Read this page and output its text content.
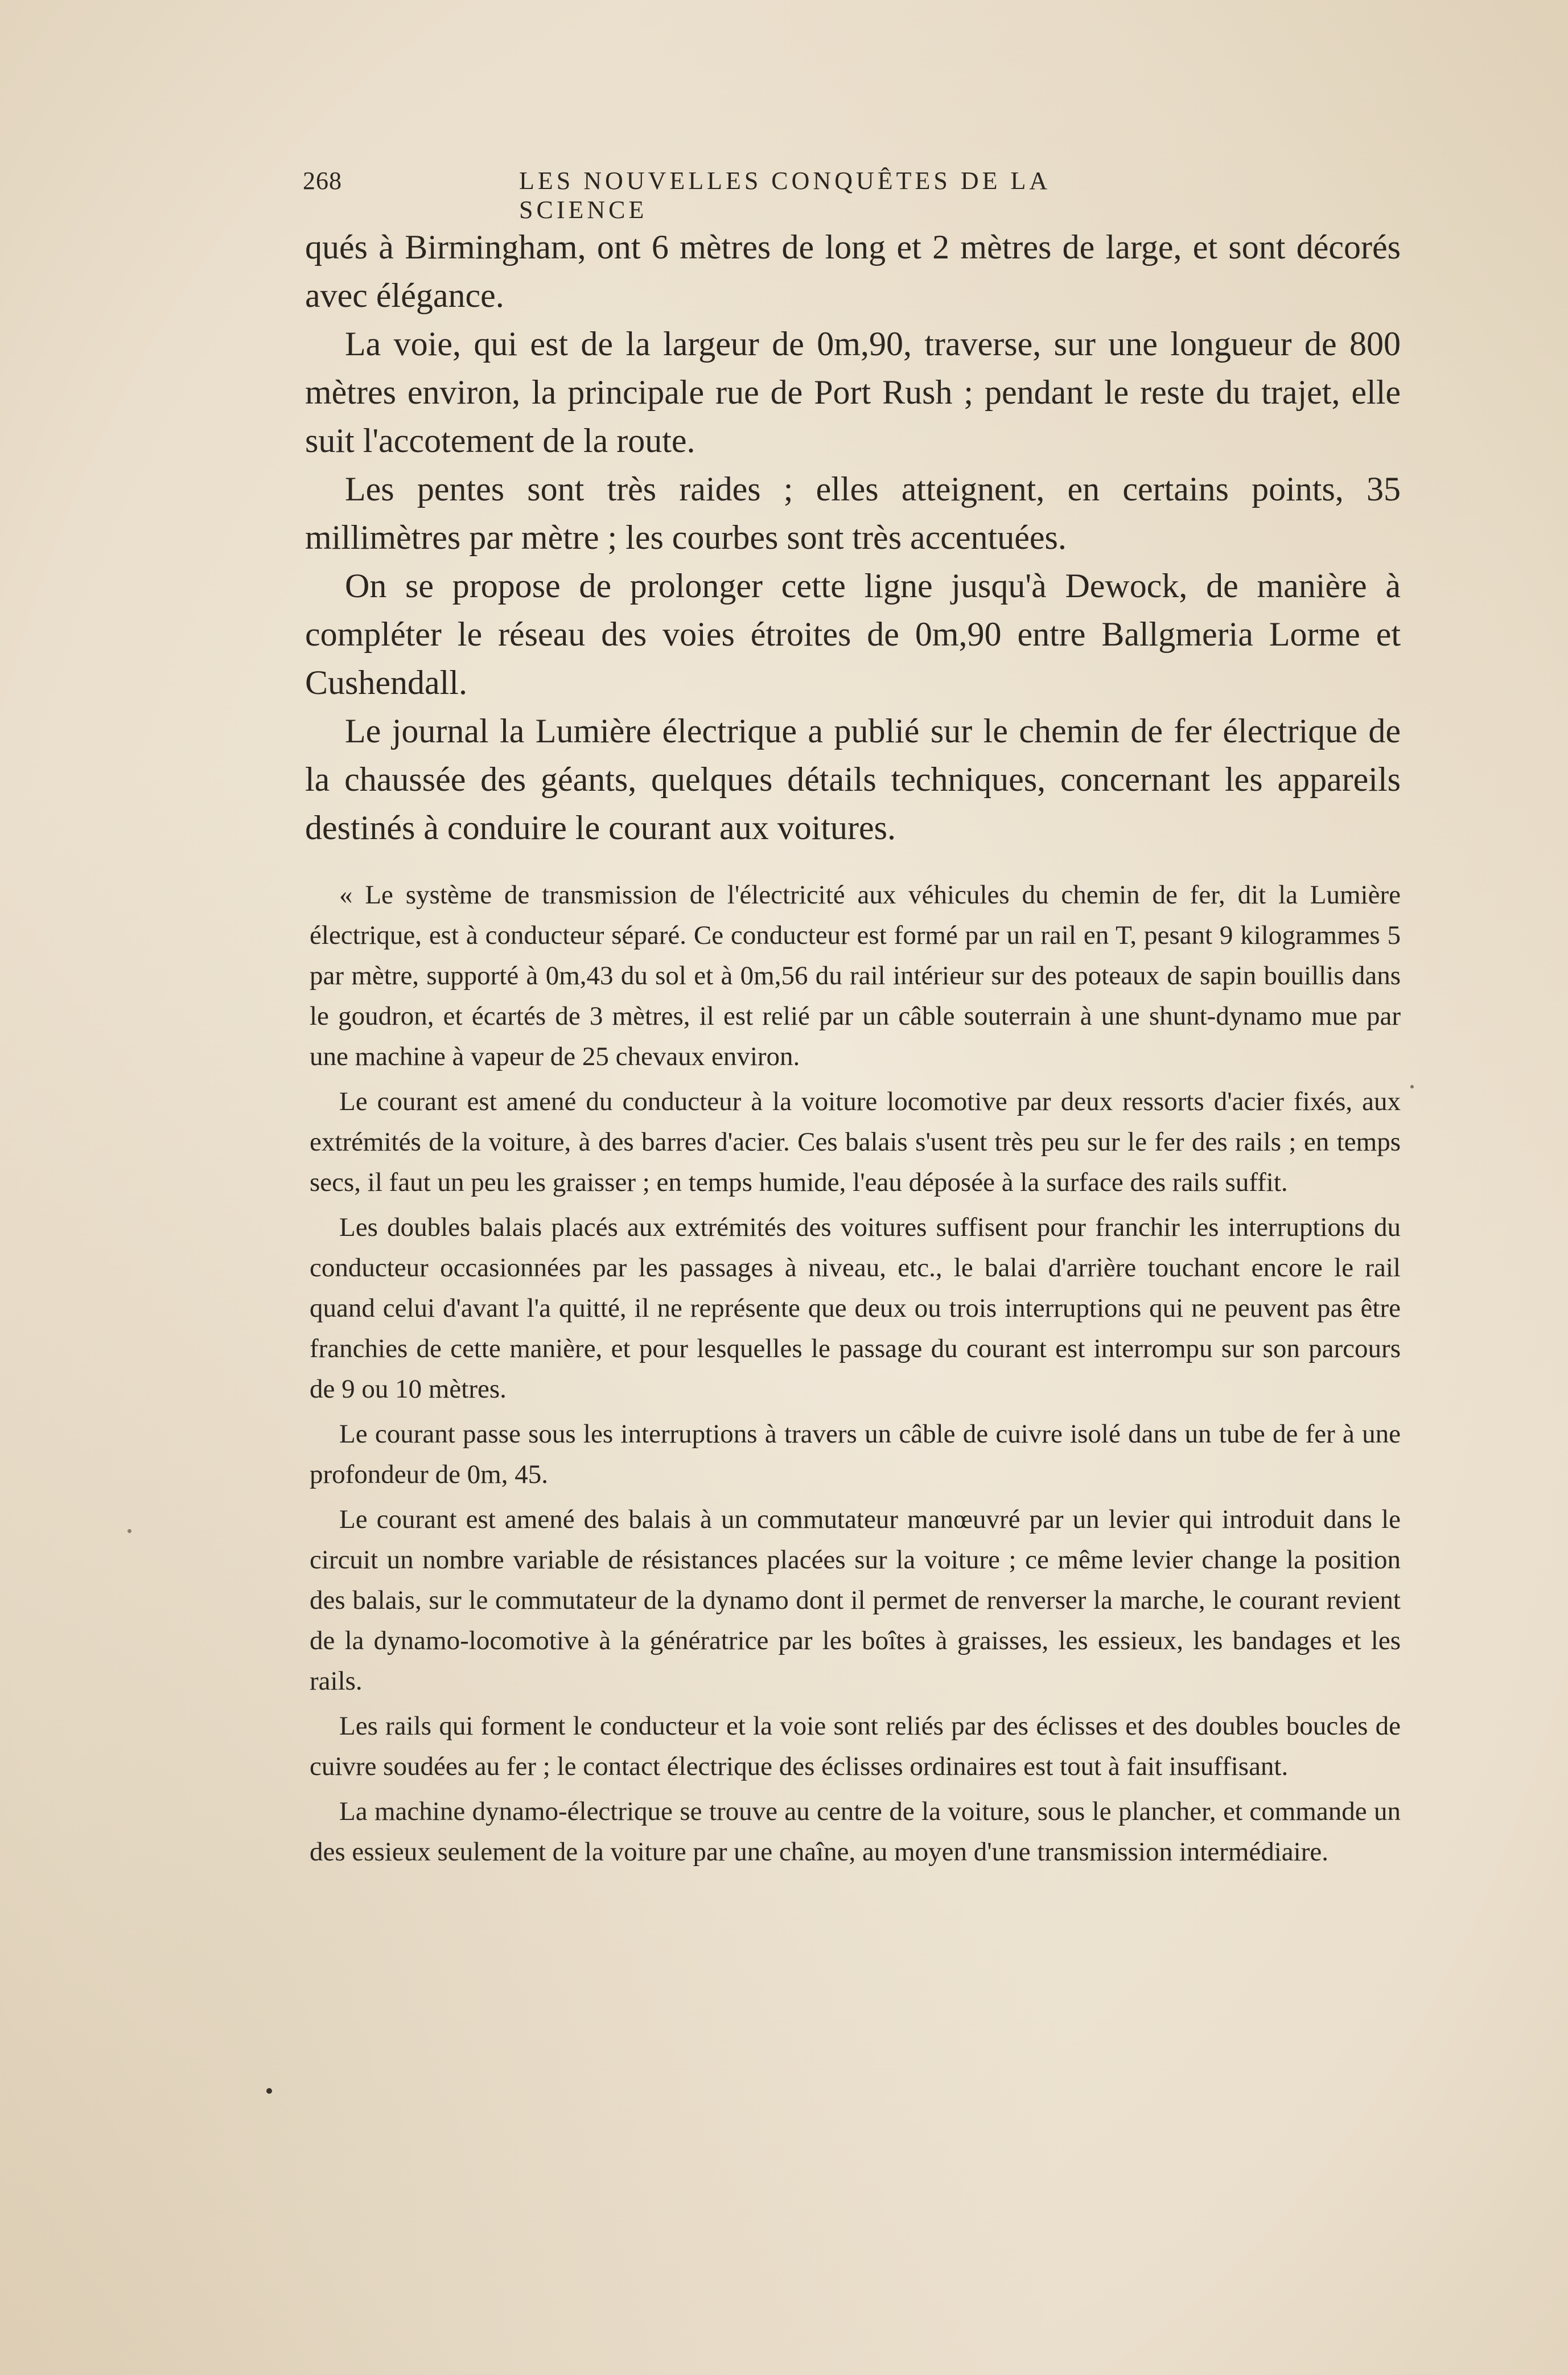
268	LES NOUVELLES CONQUÊTES DE LA SCIENCE

qués à Birmingham, ont 6 mètres de long et 2 mètres de large, et sont décorés avec élégance.

La voie, qui est de la largeur de 0m,90, traverse, sur une longueur de 800 mètres environ, la principale rue de Port Rush ; pendant le reste du trajet, elle suit l'accotement de la route.

Les pentes sont très raides ; elles atteignent, en certains points, 35 millimètres par mètre ; les courbes sont très accentuées.

On se propose de prolonger cette ligne jusqu'à Dewock, de manière à compléter le réseau des voies étroites de 0m,90 entre Ballgmeria Lorme et Cushendall.

Le journal la Lumière électrique a publié sur le chemin de fer électrique de la chaussée des géants, quelques détails techniques, concernant les appareils destinés à conduire le courant aux voitures.

« Le système de transmission de l'électricité aux véhicules du chemin de fer, dit la Lumière électrique, est à conducteur séparé. Ce conducteur est formé par un rail en T, pesant 9 kilogrammes 5 par mètre, supporté à 0m,43 du sol et à 0m,56 du rail intérieur sur des poteaux de sapin bouillis dans le goudron, et écartés de 3 mètres, il est relié par un câble souterrain à une shunt-dynamo mue par une machine à vapeur de 25 chevaux environ.

Le courant est amené du conducteur à la voiture locomotive par deux ressorts d'acier fixés, aux extrémités de la voiture, à des barres d'acier. Ces balais s'usent très peu sur le fer des rails ; en temps secs, il faut un peu les graisser ; en temps humide, l'eau déposée à la surface des rails suffit.

Les doubles balais placés aux extrémités des voitures suffisent pour franchir les interruptions du conducteur occasionnées par les passages à niveau, etc., le balai d'arrière touchant encore le rail quand celui d'avant l'a quitté, il ne représente que deux ou trois interruptions qui ne peuvent pas être franchies de cette manière, et pour lesquelles le passage du courant est interrompu sur son parcours de 9 ou 10 mètres.

Le courant passe sous les interruptions à travers un câble de cuivre isolé dans un tube de fer à une profondeur de 0m, 45.

Le courant est amené des balais à un commutateur manœuvré par un levier qui introduit dans le circuit un nombre variable de résistances placées sur la voiture ; ce même levier change la position des balais, sur le commutateur de la dynamo dont il permet de renverser la marche, le courant revient de la dynamo-locomotive à la génératrice par les boîtes à graisses, les essieux, les bandages et les rails.

Les rails qui forment le conducteur et la voie sont reliés par des éclisses et des doubles boucles de cuivre soudées au fer ; le contact électrique des éclisses ordinaires est tout à fait insuffisant.

La machine dynamo-électrique se trouve au centre de la voiture, sous le plancher, et commande un des essieux seulement de la voiture par une chaîne, au moyen d'une transmission intermédiaire.
